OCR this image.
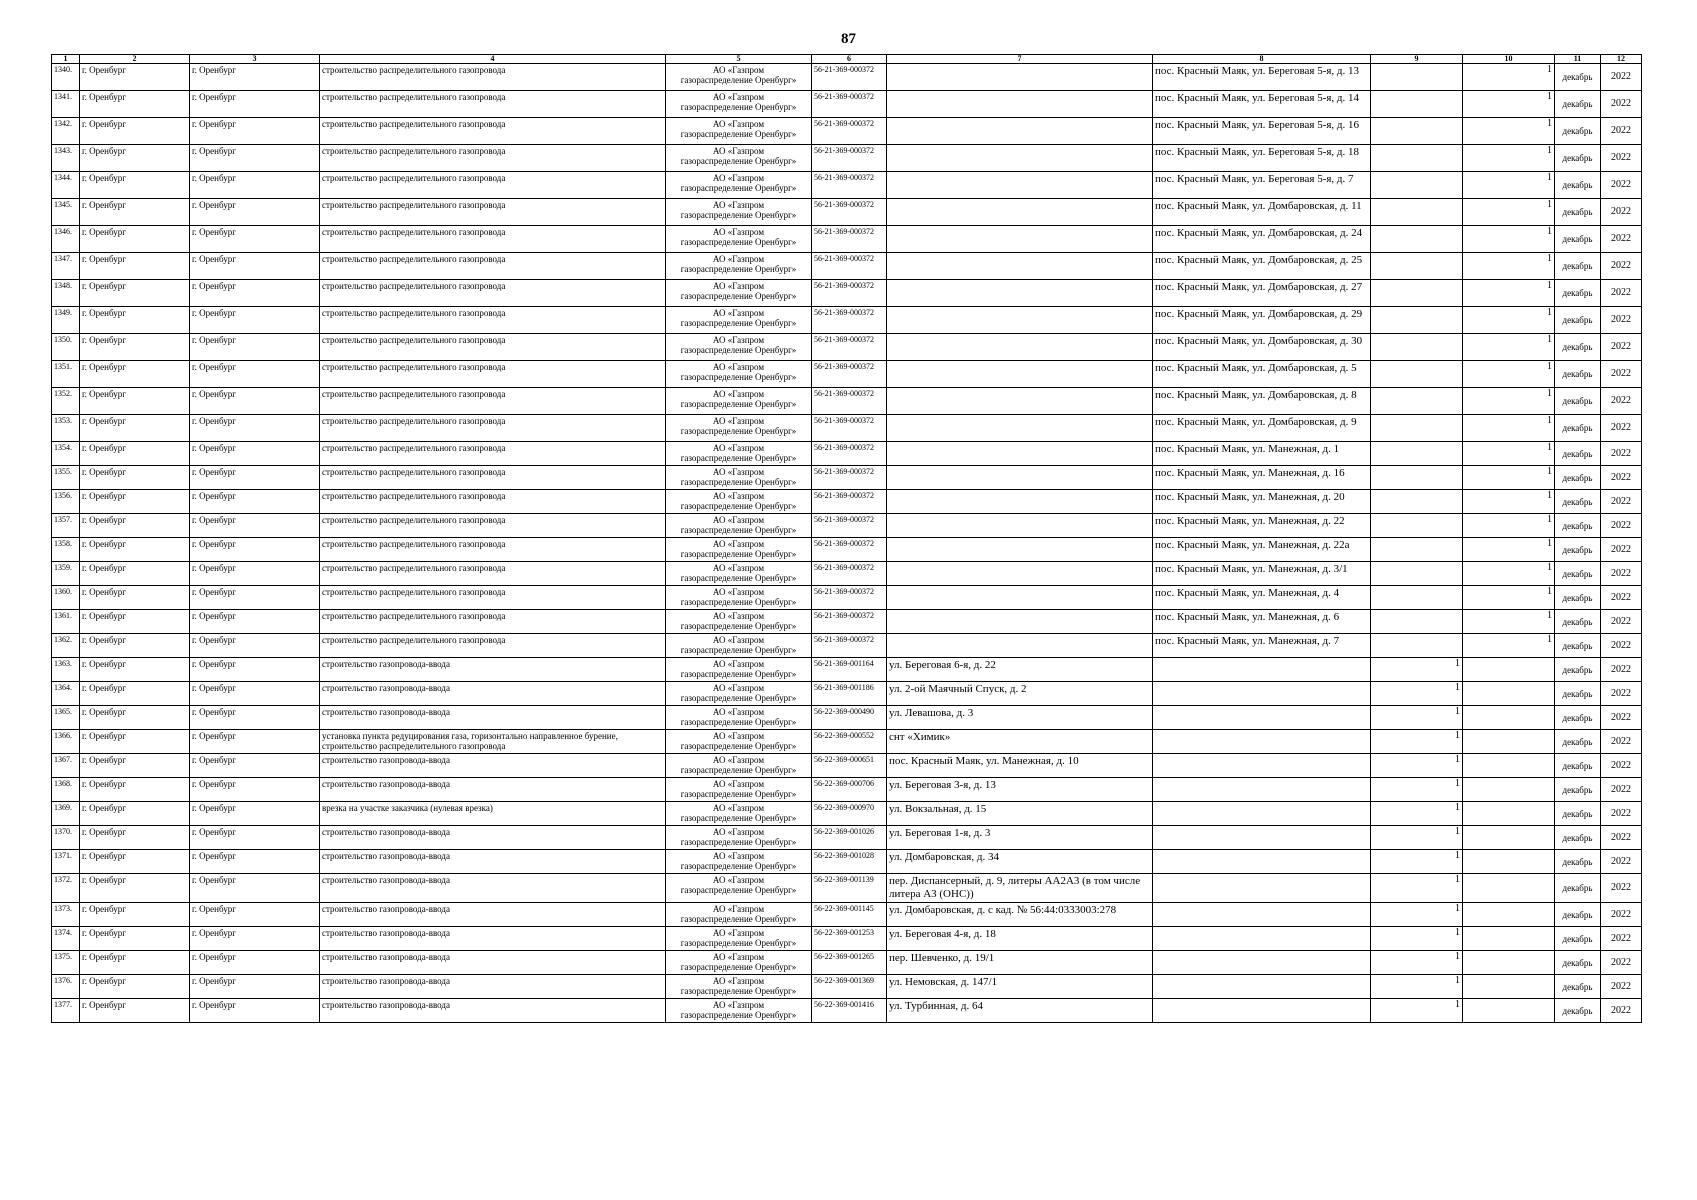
87
1	2	3	4	5	6	7	8	9	10	11	12
1340.	г. Оренбург	г. Оренбург	строительство распределительного газопровода	АО «Газпром
газораспределение Оренбург»	56-21-369-000372		пос. Красный Маяк, ул. Береговая 5-я, д. 13		1	декабрь	2022
1341.	г. Оренбург	г. Оренбург	строительство распределительного газопровода	АО «Газпром
газораспределение Оренбург»	56-21-369-000372		пос. Красный Маяк, ул. Береговая 5-я, д. 14		1	декабрь	2022
1342.	г. Оренбург	г. Оренбург	строительство распределительного газопровода	АО «Газпром
газораспределение Оренбург»	56-21-369-000372		пос. Красный Маяк, ул. Береговая 5-я, д. 16		1	декабрь	2022
1343.	г. Оренбург	г. Оренбург	строительство распределительного газопровода	АО «Газпром
газораспределение Оренбург»	56-21-369-000372		пос. Красный Маяк, ул. Береговая 5-я, д. 18		1	декабрь	2022
1344.	г. Оренбург	г. Оренбург	строительство распределительного газопровода	АО «Газпром
газораспределение Оренбург»	56-21-369-000372		пос. Красный Маяк, ул. Береговая 5-я, д. 7		1	декабрь	2022
1345.	г. Оренбург	г. Оренбург	строительство распределительного газопровода	АО «Газпром
газораспределение Оренбург»	56-21-369-000372		пос. Красный Маяк, ул. Домбаровская, д. 11		1	декабрь	2022
1346.	г. Оренбург	г. Оренбург	строительство распределительного газопровода	АО «Газпром
газораспределение Оренбург»	56-21-369-000372		пос. Красный Маяк, ул. Домбаровская, д. 24		1	декабрь	2022
1347.	г. Оренбург	г. Оренбург	строительство распределительного газопровода	АО «Газпром
газораспределение Оренбург»	56-21-369-000372		пос. Красный Маяк, ул. Домбаровская, д. 25		1	декабрь	2022
1348.	г. Оренбург	г. Оренбург	строительство распределительного газопровода	АО «Газпром
газораспределение Оренбург»	56-21-369-000372		пос. Красный Маяк, ул. Домбаровская, д. 27		1	декабрь	2022
1349.	г. Оренбург	г. Оренбург	строительство распределительного газопровода	АО «Газпром
газораспределение Оренбург»	56-21-369-000372		пос. Красный Маяк, ул. Домбаровская, д. 29		1	декабрь	2022
1350.	г. Оренбург	г. Оренбург	строительство распределительного газопровода	АО «Газпром
газораспределение Оренбург»	56-21-369-000372		пос. Красный Маяк, ул. Домбаровская, д. 30		1	декабрь	2022
1351.	г. Оренбург	г. Оренбург	строительство распределительного газопровода	АО «Газпром
газораспределение Оренбург»	56-21-369-000372		пос. Красный Маяк, ул. Домбаровская, д. 5		1	декабрь	2022
1352.	г. Оренбург	г. Оренбург	строительство распределительного газопровода	АО «Газпром
газораспределение Оренбург»	56-21-369-000372		пос. Красный Маяк, ул. Домбаровская, д. 8		1	декабрь	2022
1353.	г. Оренбург	г. Оренбург	строительство распределительного газопровода	АО «Газпром
газораспределение Оренбург»	56-21-369-000372		пос. Красный Маяк, ул. Домбаровская, д. 9		1	декабрь	2022
1354.	г. Оренбург	г. Оренбург	строительство распределительного газопровода	АО «Газпром
газораспределение Оренбург»	56-21-369-000372		пос. Красный Маяк, ул. Манежная, д. 1		1	декабрь	2022
1355.	г. Оренбург	г. Оренбург	строительство распределительного газопровода	АО «Газпром
газораспределение Оренбург»	56-21-369-000372		пос. Красный Маяк, ул. Манежная, д. 16		1	декабрь	2022
1356.	г. Оренбург	г. Оренбург	строительство распределительного газопровода	АО «Газпром
газораспределение Оренбург»	56-21-369-000372		пос. Красный Маяк, ул. Манежная, д. 20		1	декабрь	2022
1357.	г. Оренбург	г. Оренбург	строительство распределительного газопровода	АО «Газпром
газораспределение Оренбург»	56-21-369-000372		пос. Красный Маяк, ул. Манежная, д. 22		1	декабрь	2022
1358.	г. Оренбург	г. Оренбург	строительство распределительного газопровода	АО «Газпром
газораспределение Оренбург»	56-21-369-000372		пос. Красный Маяк, ул. Манежная, д. 22а		1	декабрь	2022
1359.	г. Оренбург	г. Оренбург	строительство распределительного газопровода	АО «Газпром
газораспределение Оренбург»	56-21-369-000372		пос. Красный Маяк, ул. Манежная, д. 3/1		1	декабрь	2022
1360.	г. Оренбург	г. Оренбург	строительство распределительного газопровода	АО «Газпром
газораспределение Оренбург»	56-21-369-000372		пос. Красный Маяк, ул. Манежная, д. 4		1	декабрь	2022
1361.	г. Оренбург	г. Оренбург	строительство распределительного газопровода	АО «Газпром
газораспределение Оренбург»	56-21-369-000372		пос. Красный Маяк, ул. Манежная, д. 6		1	декабрь	2022
1362.	г. Оренбург	г. Оренбург	строительство распределительного газопровода	АО «Газпром
газораспределение Оренбург»	56-21-369-000372		пос. Красный Маяк, ул. Манежная, д. 7		1	декабрь	2022
1363.	г. Оренбург	г. Оренбург	строительство газопровода-ввода	АО «Газпром
газораспределение Оренбург»	56-21-369-001164	ул. Береговая 6-я, д. 22		1		декабрь	2022
1364.	г. Оренбург	г. Оренбург	строительство газопровода-ввода	АО «Газпром
газораспределение Оренбург»	56-21-369-001186	ул. 2-ой Маячный Спуск, д. 2		1		декабрь	2022
1365.	г. Оренбург	г. Оренбург	строительство газопровода-ввода	АО «Газпром
газораспределение Оренбург»	56-22-369-000490	ул. Левашова, д. 3		1		декабрь	2022
1366.	г. Оренбург	г. Оренбург	установка пункта редуцирования газа, горизонтально направленное бурение, строительство распределительного газопровода	АО «Газпром
газораспределение Оренбург»	56-22-369-000552	снт «Химик»		1		декабрь	2022
1367.	г. Оренбург	г. Оренбург	строительство газопровода-ввода	АО «Газпром
газораспределение Оренбург»	56-22-369-000651	пос. Красный Маяк, ул. Манежная, д. 10		1		декабрь	2022
1368.	г. Оренбург	г. Оренбург	строительство газопровода-ввода	АО «Газпром
газораспределение Оренбург»	56-22-369-000706	ул. Береговая 3-я, д. 13		1		декабрь	2022
1369.	г. Оренбург	г. Оренбург	врезка на участке заказчика (нулевая врезка)	АО «Газпром
газораспределение Оренбург»	56-22-369-000970	ул. Вокзальная, д. 15		1		декабрь	2022
1370.	г. Оренбург	г. Оренбург	строительство газопровода-ввода	АО «Газпром
газораспределение Оренбург»	56-22-369-001026	ул. Береговая 1-я, д. 3		1		декабрь	2022
1371.	г. Оренбург	г. Оренбург	строительство газопровода-ввода	АО «Газпром
газораспределение Оренбург»	56-22-369-001028	ул. Домбаровская, д. 34		1		декабрь	2022
1372.	г. Оренбург	г. Оренбург	строительство газопровода-ввода	АО «Газпром
газораспределение Оренбург»	56-22-369-001139	пер. Диспансерный, д. 9, литеры АА2А3 (в том числе литера А3 (ОНС))		1		декабрь	2022
1373.	г. Оренбург	г. Оренбург	строительство газопровода-ввода	АО «Газпром
газораспределение Оренбург»	56-22-369-001145	ул. Домбаровская, д. с кад. № 56:44:0333003:278		1		декабрь	2022
1374.	г. Оренбург	г. Оренбург	строительство газопровода-ввода	АО «Газпром
газораспределение Оренбург»	56-22-369-001253	ул. Береговая 4-я, д. 18		1		декабрь	2022
1375.	г. Оренбург	г. Оренбург	строительство газопровода-ввода	АО «Газпром
газораспределение Оренбург»	56-22-369-001265	пер. Шевченко, д. 19/1		1		декабрь	2022
1376.	г. Оренбург	г. Оренбург	строительство газопровода-ввода	АО «Газпром
газораспределение Оренбург»	56-22-369-001369	ул. Немовская, д. 147/1		1		декабрь	2022
1377.	г. Оренбург	г. Оренбург	строительство газопровода-ввода	АО «Газпром
газораспределение Оренбург»	56-22-369-001416	ул. Турбинная, д. 64		1		декабрь	2022
